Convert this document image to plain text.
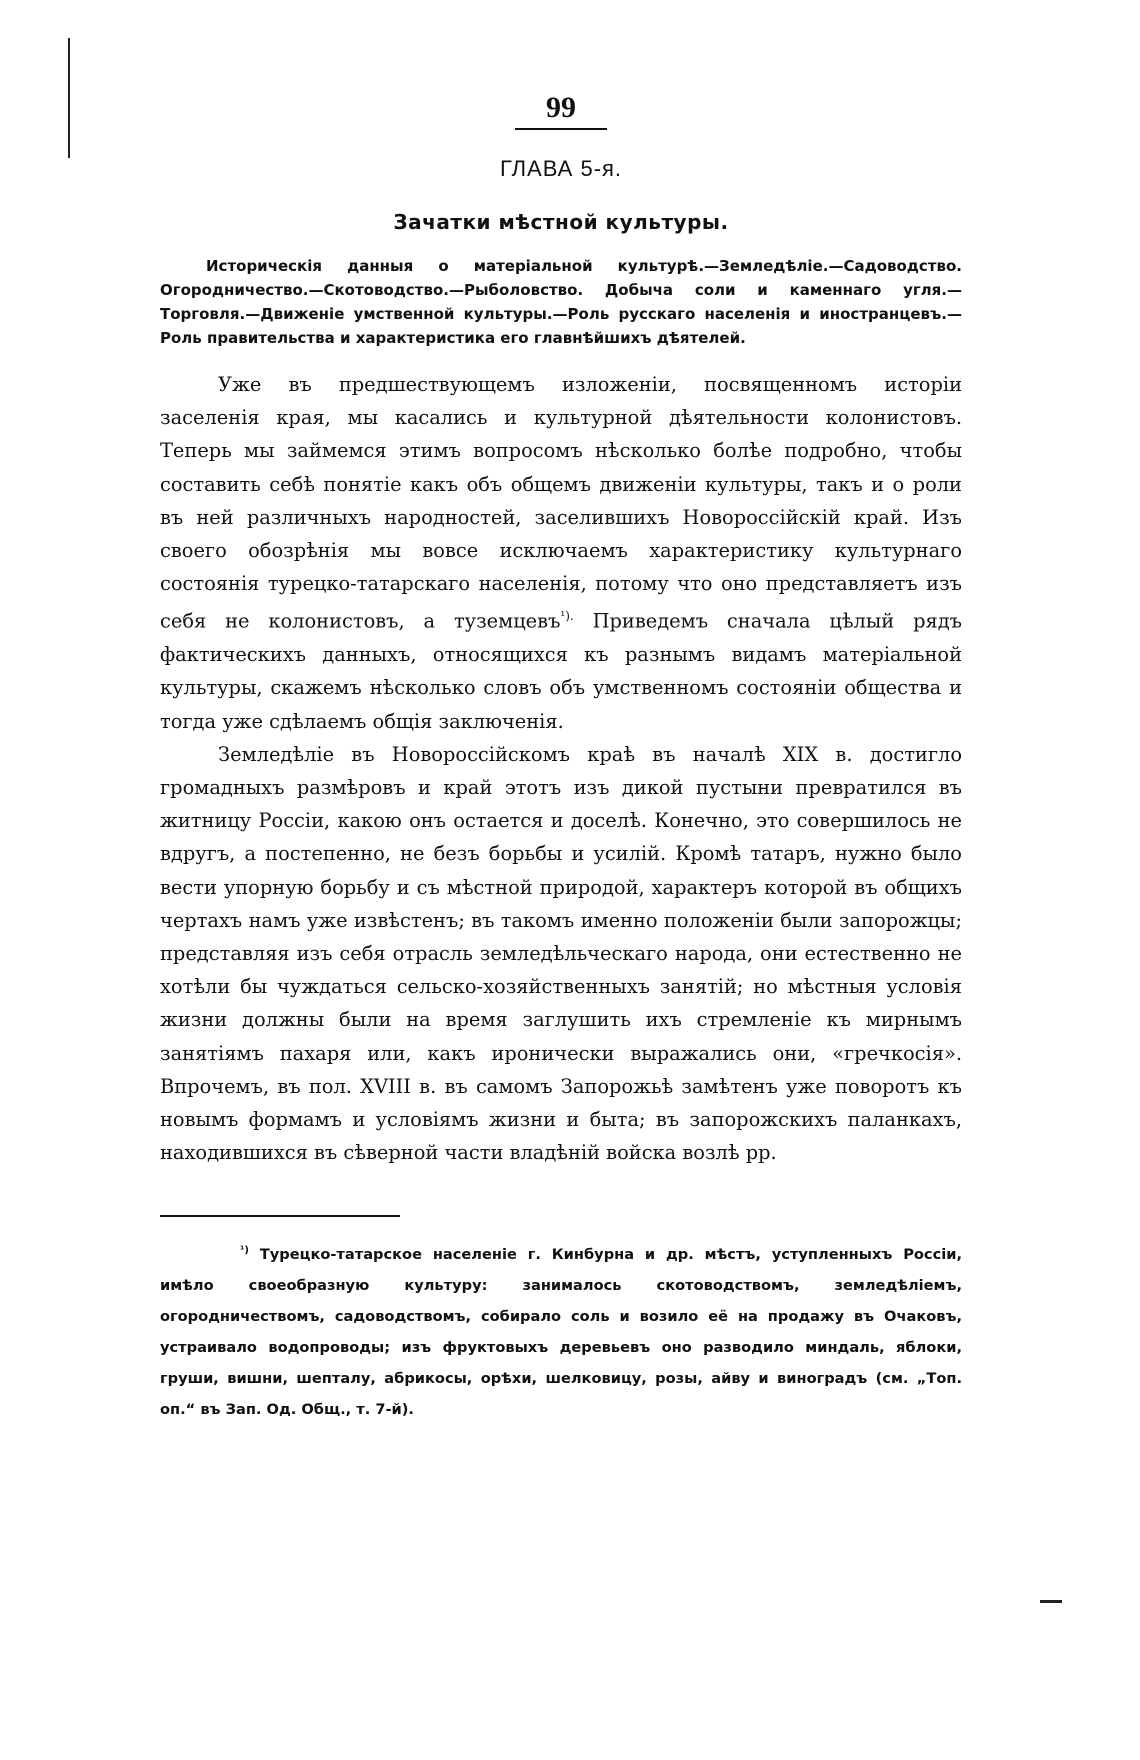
99
ГЛАВА 5-я.
Зачатки мѣстной культуры.
Историческія данныя о матеріальной культурѣ.—Земледѣліе.—Садоводство. Огородничество.—Скотоводство.—Рыболовство. Добыча соли и каменнаго угля.—Торговля.—Движеніе умственной культуры.—Роль русскаго населенія и иностранцевъ.—Роль правительства и характеристика его главнѣйшихъ дѣятелей.

Уже въ предшествующемъ изложеніи, посвященномъ исторіи заселенія края, мы касались и культурной дѣятельности колонистовъ. Теперь мы займемся этимъ вопросомъ нѣсколько болѣе подробно, чтобы составить себѣ понятіе какъ объ общемъ движеніи культуры, такъ и о роли въ ней различныхъ народностей, заселившихъ Новороссійскій край. Изъ своего обозрѣнія мы вовсе исключаемъ характеристику культурнаго состоянія турецко-татарскаго населенія, потому что оно представляетъ изъ себя не колонистовъ, а туземцевъ$^{^1).}$ Приведемъ сначала цѣлый рядъ фактическихъ данныхъ, относящихся къ разнымъ видамъ матеріальной культуры, скажемъ нѣсколько словъ объ умственномъ состояніи общества и тогда уже сдѣлаемъ общія заключенія.

Земледѣліе въ Новороссійскомъ краѣ въ началѣ XIX в. достигло громадныхъ размѣровъ и край этотъ изъ дикой пустыни превратился въ житницу Россіи, какою онъ остается и доселѣ. Конечно, это совершилось не вдругъ, а постепенно, не безъ борьбы и усилій. Кромѣ татаръ, нужно было вести упорную борьбу и съ мѣстной природой, характеръ которой въ общихъ чертахъ намъ уже извѣстенъ; въ такомъ именно положеніи были запорожцы; представляя изъ себя отрасль земледѣльческаго народа, они естественно не хотѣли бы чуждаться сельско-хозяйственныхъ занятій; но мѣстныя условія жизни должны были на время заглушить ихъ стремленіе къ мирнымъ занятіямъ пахаря или, какъ иронически выражались они, «гречкосія». Впрочемъ, въ пол. XVIII в. въ самомъ Запорожьѣ замѣтенъ уже поворотъ къ новымъ формамъ и условіямъ жизни и быта; въ запорожскихъ паланкахъ, находившихся въ сѣверной части владѣній войска возлѣ рр.

$^{^1)}$ Турецко-татарское населеніе г. Кинбурна и др. мѣстъ, уступленныхъ Россіи, имѣло своеобразную культуру: занималось скотоводствомъ, земледѣліемъ, огородничествомъ, садоводствомъ, собирало соль и возило её на продажу въ Очаковъ, устраивало водопроводы; изъ фруктовыхъ деревьевъ оно разводило миндаль, яблоки, груши, вишни, шепталу, абрикосы, орѣхи, шелковицу, розы, айву и виноградъ (см. „Топ. оп.“ въ Зап. Од. Общ., т. 7-й).
